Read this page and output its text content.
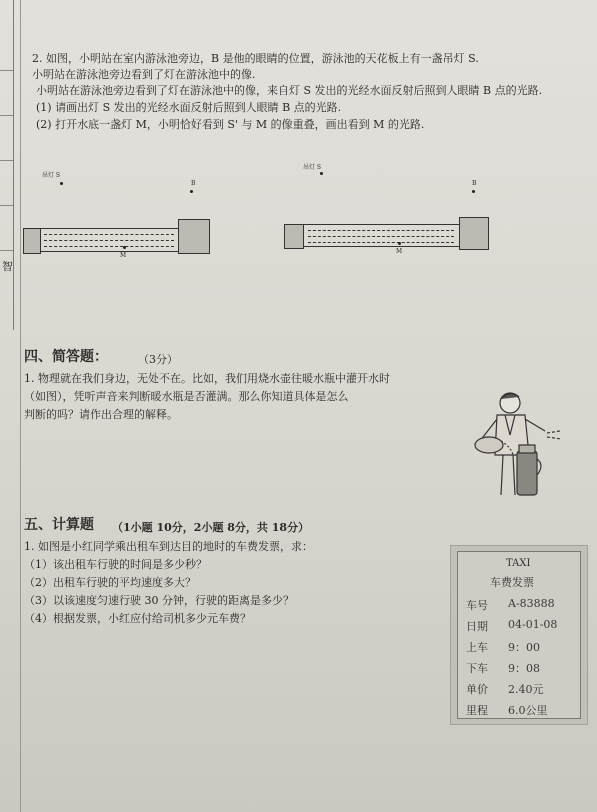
智
2. 如图，小明站在室内游泳池旁边，B 是他的眼睛的位置，游泳池的天花板上有一盏吊灯 S.
小明站在游泳池旁边看到了灯在游泳池中的像.
(1) 请画出灯 S 发出的光经水面反射后照到人眼睛 B 点的光路.
(2) 打开水底一盏灯 M，小明恰好看到 S' 与 M 的像重叠，画出看到 M 的光路.
小明站在游泳池旁边看到了灯在游泳池中的像，来自灯 S 发出的光经水面反射后照到人眼睛 B 点的光路.
吊灯 S
B
M
吊灯 S
B
M
四、简答题：	（3分）
1. 物理就在我们身边，无处不在。比如，我们用烧水壶往暖水瓶中灌开水时
（如图），凭听声音来判断暖水瓶是否灌满。那么你知道具体是怎么
判断的吗？请作出合理的解释。
五、计算题 （1小题 10分，2小题 8分，共 18分）
1. 如图是小红同学乘出租车到达目的地时的车费发票，求：
（1）该出租车行驶的时间是多少秒？
（2）出租车行驶的平均速度多大？
（3）以该速度匀速行驶 30 分钟，行驶的距离是多少？
（4）根据发票，小红应付给司机多少元车费？
TAXI
车费发票
车号 A-83888
日期 04-01-08
上车 9：00
下车 9：08
单价 2.40元
里程 6.0公里
